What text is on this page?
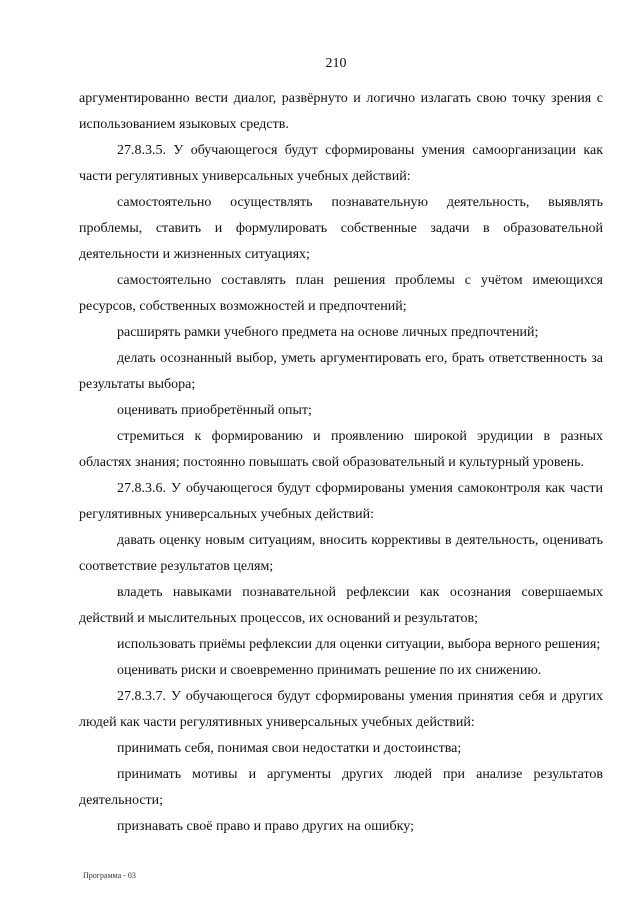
210

аргументированно вести диалог, развёрнуто и логично излагать свою точку зрения с использованием языковых средств.

27.8.3.5. У обучающегося будут сформированы умения самоорганизации как части регулятивных универсальных учебных действий:

самостоятельно осуществлять познавательную деятельность, выявлять проблемы, ставить и формулировать собственные задачи в образовательной деятельности и жизненных ситуациях;

самостоятельно составлять план решения проблемы с учётом имеющихся ресурсов, собственных возможностей и предпочтений;

расширять рамки учебного предмета на основе личных предпочтений;

делать осознанный выбор, уметь аргументировать его, брать ответственность за результаты выбора;

оценивать приобретённый опыт;

стремиться к формированию и проявлению широкой эрудиции в разных областях знания; постоянно повышать свой образовательный и культурный уровень.

27.8.3.6. У обучающегося будут сформированы умения самоконтроля как части регулятивных универсальных учебных действий:

давать оценку новым ситуациям, вносить коррективы в деятельность, оценивать соответствие результатов целям;

владеть навыками познавательной рефлексии как осознания совершаемых действий и мыслительных процессов, их оснований и результатов;

использовать приёмы рефлексии для оценки ситуации, выбора верного решения;

оценивать риски и своевременно принимать решение по их снижению.

27.8.3.7. У обучающегося будут сформированы умения принятия себя и других людей как части регулятивных универсальных учебных действий:

принимать себя, понимая свои недостатки и достоинства;

принимать мотивы и аргументы других людей при анализе результатов деятельности;

признавать своё право и право других на ошибку;

Программа - 03
